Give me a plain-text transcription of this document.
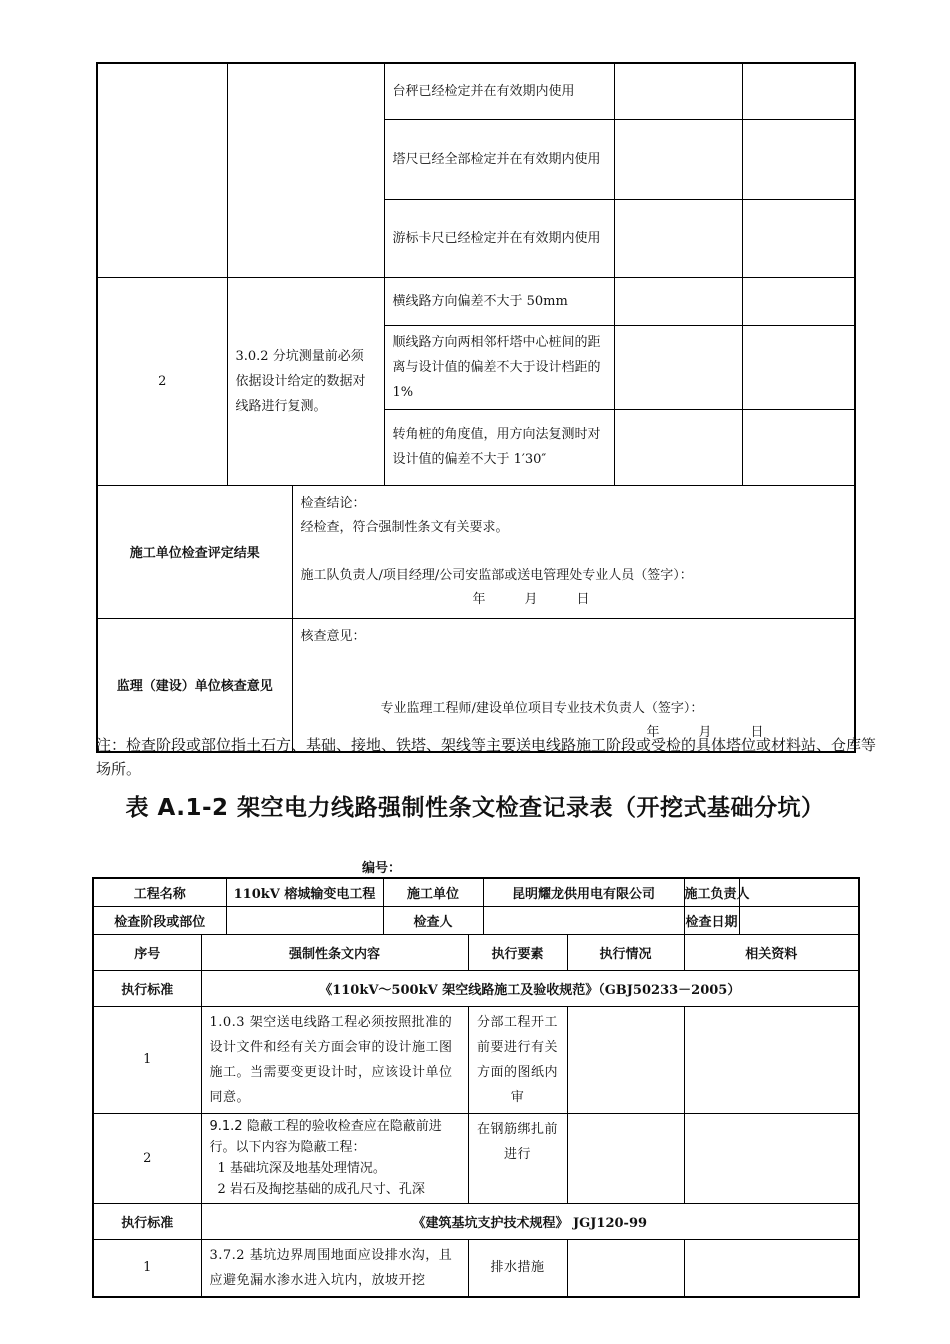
			台秤已经检定并在有效期内使用		
			塔尺已经全部检定并在有效期内使用		
			游标卡尺已经检定并在有效期内使用		
2	3.0.2 分坑测量前必须依据设计给定的数据对线路进行复测。		横线路方向偏差不大于 50mm		
			顺线路方向两相邻杆塔中心桩间的距离与设计值的偏差不大于设计档距的 1%		
			转角桩的角度值，用方向法复测时对设计值的偏差不大于 1′30″		
施工单位检查评定结果		检查结论：
经检查，符合强制性条文有关要求。
施工队负责人/项目经理/公司安监部或送电管理处专业人员（签字）：
年　　　月　　　日			

监理（建设）单位核查意见		核查意见：
专业监理工程师/建设单位项目专业技术负责人（签字）：
年　　　月　　　日			
注：检查阶段或部位指土石方、基础、接地、铁塔、架线等主要送电线路施工阶段或受检的具体塔位或材料站、仓库等场所。
表 A.1-2 架空电力线路强制性条文检查记录表（开挖式基础分坑）
编号：
工程名称		110kV 榕城输变电工程	施工单位		昆明耀龙供用电有限公司		施工负责人	
检查阶段或部位			检查人				检查日期	
序号	强制性条文内容			执行要素		执行情况	相关资料	
执行标准	《110kV～500kV 架空线路施工及验收规范》（GBJ50233－2005）							
1	1.0.3 架空送电线路工程必须按照批准的设计文件和经有关方面会审的设计施工图施工。当需要变更设计时，应该设计单位同意。			分部工程开工前要进行有关方面的图纸内审				
2	9.1.2 隐蔽工程的验收检查应在隐蔽前进行。以下内容为隐蔽工程：
1 基础坑深及地基处理情况。
2 岩石及掏挖基础的成孔尺寸、孔深			在钢筋绑扎前进行				
执行标准	《建筑基坑支护技术规程》 JGJ120-99							
1	3.7.2 基坑边界周围地面应设排水沟，且应避免漏水渗水进入坑内，放坡开挖			排水措施				
